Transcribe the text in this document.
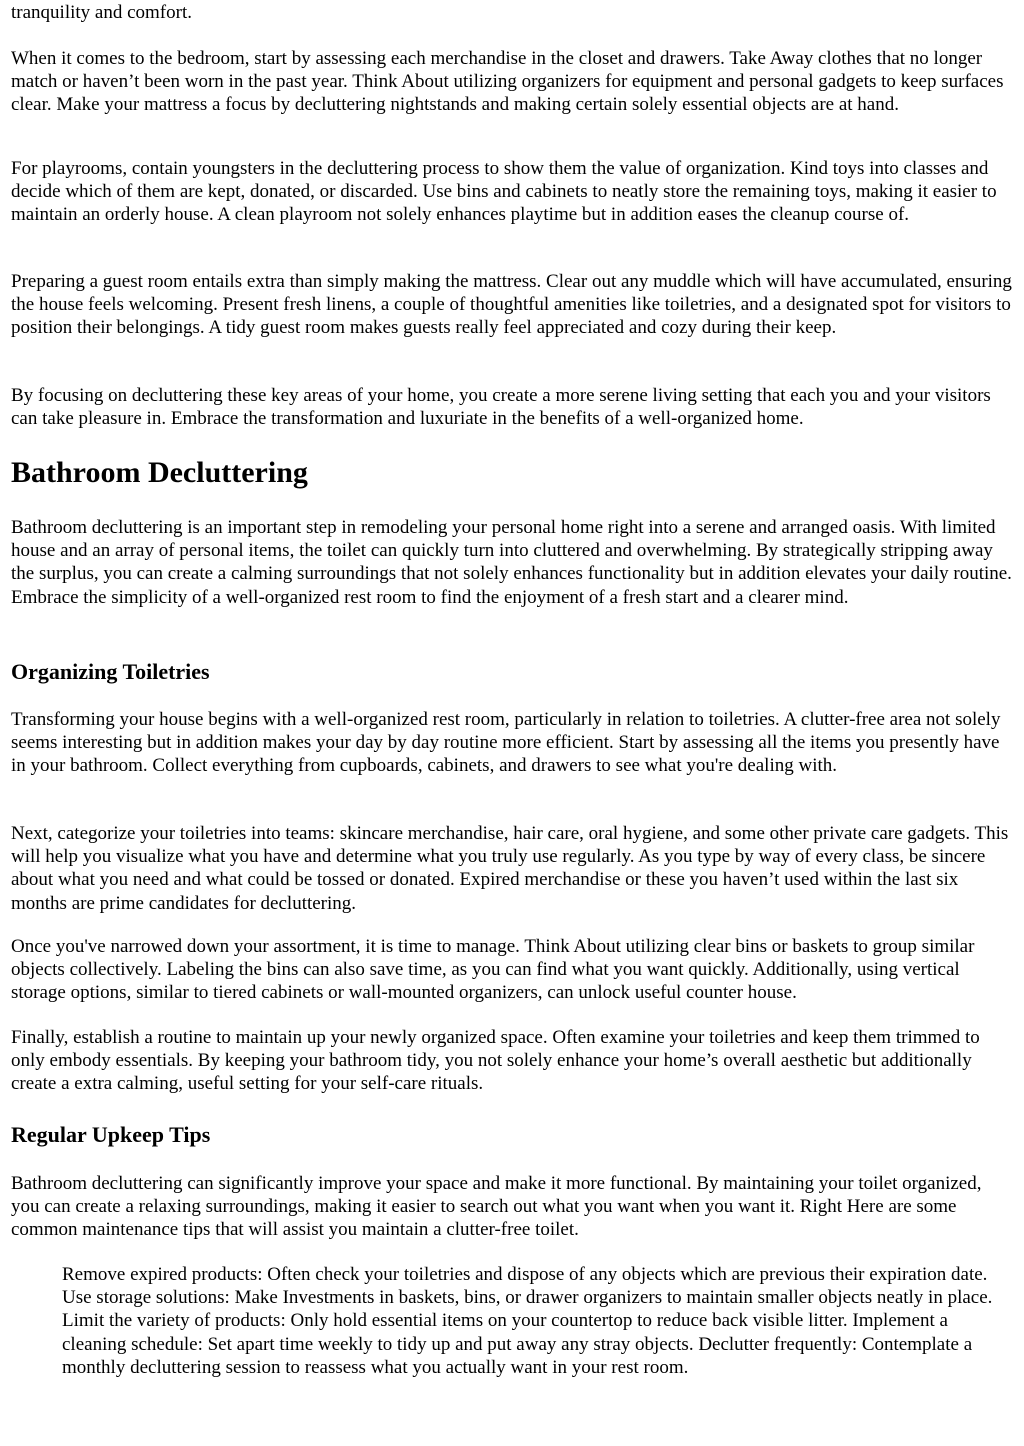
tranquility and comfort.

When it comes to the bedroom, start by assessing each merchandise in the closet and drawers. Take Away clothes that no longer match or haven’t been worn in the past year. Think About utilizing organizers for equipment and personal gadgets to keep surfaces clear. Make your mattress a focus by decluttering nightstands and making certain solely essential objects are at hand.

For playrooms, contain youngsters in the decluttering process to show them the value of organization. Kind toys into classes and decide which of them are kept, donated, or discarded. Use bins and cabinets to neatly store the remaining toys, making it easier to maintain an orderly house. A clean playroom not solely enhances playtime but in addition eases the cleanup course of.

Preparing a guest room entails extra than simply making the mattress. Clear out any muddle which will have accumulated, ensuring the house feels welcoming. Present fresh linens, a couple of thoughtful amenities like toiletries, and a designated spot for visitors to position their belongings. A tidy guest room makes guests really feel appreciated and cozy during their keep.

By focusing on decluttering these key areas of your home, you create a more serene living setting that each you and your visitors can take pleasure in. Embrace the transformation and luxuriate in the benefits of a well-organized home.

Bathroom Decluttering

Bathroom decluttering is an important step in remodeling your personal home right into a serene and arranged oasis. With limited house and an array of personal items, the toilet can quickly turn into cluttered and overwhelming. By strategically stripping away the surplus, you can create a calming surroundings that not solely enhances functionality but in addition elevates your daily routine. Embrace the simplicity of a well-organized rest room to find the enjoyment of a fresh start and a clearer mind.

Organizing Toiletries

Transforming your house begins with a well-organized rest room, particularly in relation to toiletries. A clutter-free area not solely seems interesting but in addition makes your day by day routine more efficient. Start by assessing all the items you presently have in your bathroom. Collect everything from cupboards, cabinets, and drawers to see what you're dealing with.

Next, categorize your toiletries into teams: skincare merchandise, hair care, oral hygiene, and some other private care gadgets. This will help you visualize what you have and determine what you truly use regularly. As you type by way of every class, be sincere about what you need and what could be tossed or donated. Expired merchandise or these you haven’t used within the last six months are prime candidates for decluttering.

Once you've narrowed down your assortment, it is time to manage. Think About utilizing clear bins or baskets to group similar objects collectively. Labeling the bins can also save time, as you can find what you want quickly. Additionally, using vertical storage options, similar to tiered cabinets or wall-mounted organizers, can unlock useful counter house.

Finally, establish a routine to maintain up your newly organized space. Often examine your toiletries and keep them trimmed to only embody essentials. By keeping your bathroom tidy, you not solely enhance your home’s overall aesthetic but additionally create a extra calming, useful setting for your self-care rituals.

Regular Upkeep Tips

Bathroom decluttering can significantly improve your space and make it more functional. By maintaining your toilet organized, you can create a relaxing surroundings, making it easier to search out what you want when you want it. Right Here are some common maintenance tips that will assist you maintain a clutter-free toilet.

Remove expired products: Often check your toiletries and dispose of any objects which are previous their expiration date. Use storage solutions: Make Investments in baskets, bins, or drawer organizers to maintain smaller objects neatly in place. Limit the variety of products: Only hold essential items on your countertop to reduce back visible litter. Implement a cleaning schedule: Set apart time weekly to tidy up and put away any stray objects. Declutter frequently: Contemplate a monthly decluttering session to reassess what you actually want in your rest room.
